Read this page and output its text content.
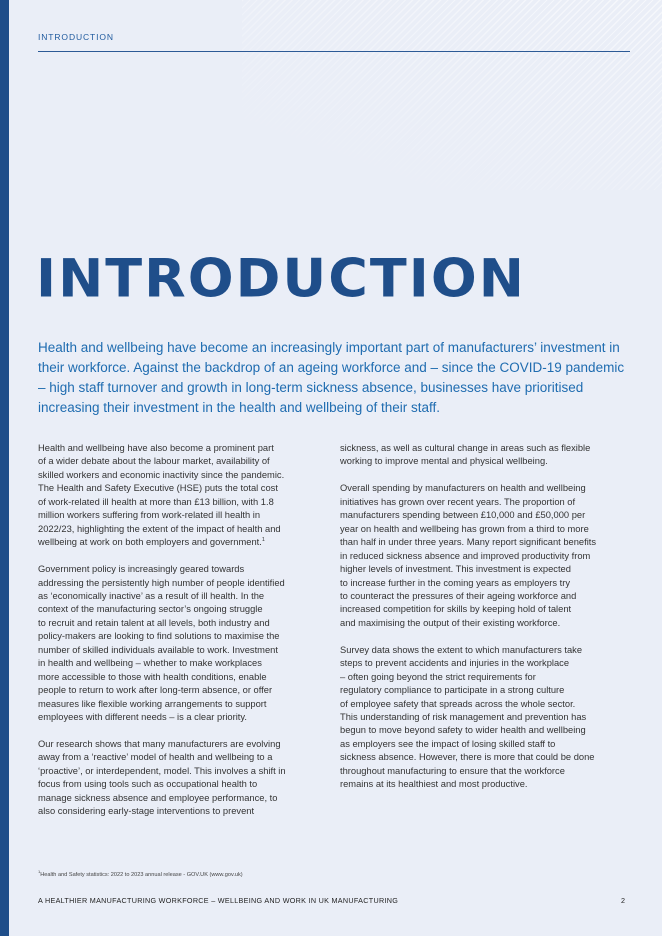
INTRODUCTION
INTRODUCTION

Health and wellbeing have become an increasingly important part of manufacturers’ investment in their workforce. Against the backdrop of an ageing workforce and – since the COVID-19 pandemic – high staff turnover and growth in long-term sickness absence, businesses have prioritised increasing their investment in the health and wellbeing of their staff.

Health and wellbeing have also become a prominent part
of a wider debate about the labour market, availability of
skilled workers and economic inactivity since the pandemic.
The Health and Safety Executive (HSE) puts the total cost
of work-related ill health at more than £13 billion, with 1.8
million workers suffering from work-related ill health in
2022/23, highlighting the extent of the impact of health and
wellbeing at work on both employers and government.$^1$

Government policy is increasingly geared towards
addressing the persistently high number of people identified
as ‘economically inactive’ as a result of ill health. In the
context of the manufacturing sector’s ongoing struggle
to recruit and retain talent at all levels, both industry and
policy-makers are looking to find solutions to maximise the
number of skilled individuals available to work. Investment
in health and wellbeing – whether to make workplaces
more accessible to those with health conditions, enable
people to return to work after long-term absence, or offer
measures like flexible working arrangements to support
employees with different needs – is a clear priority.

Our research shows that many manufacturers are evolving
away from a ‘reactive’ model of health and wellbeing to a
‘proactive’, or interdependent, model. This involves a shift in
focus from using tools such as occupational health to
manage sickness absence and employee performance, to
also considering early-stage interventions to prevent

sickness, as well as cultural change in areas such as flexible
working to improve mental and physical wellbeing.

Overall spending by manufacturers on health and wellbeing
initiatives has grown over recent years. The proportion of
manufacturers spending between £10,000 and £50,000 per
year on health and wellbeing has grown from a third to more
than half in under three years. Many report significant benefits
in reduced sickness absence and improved productivity from
higher levels of investment. This investment is expected
to increase further in the coming years as employers try
to counteract the pressures of their ageing workforce and
increased competition for skills by keeping hold of talent
and maximising the output of their existing workforce.

Survey data shows the extent to which manufacturers take
steps to prevent accidents and injuries in the workplace
– often going beyond the strict requirements for
regulatory compliance to participate in a strong culture
of employee safety that spreads across the whole sector.
This understanding of risk management and prevention has
begun to move beyond safety to wider health and wellbeing
as employers see the impact of losing skilled staff to
sickness absence. However, there is more that could be done
throughout manufacturing to ensure that the workforce
remains at its healthiest and most productive.

$^1$Health and Safety statistics: 2022 to 2023 annual release - GOV.UK (www.gov.uk)
A HEALTHIER MANUFACTURING WORKFORCE – WELLBEING AND WORK IN UK MANUFACTURING	2
